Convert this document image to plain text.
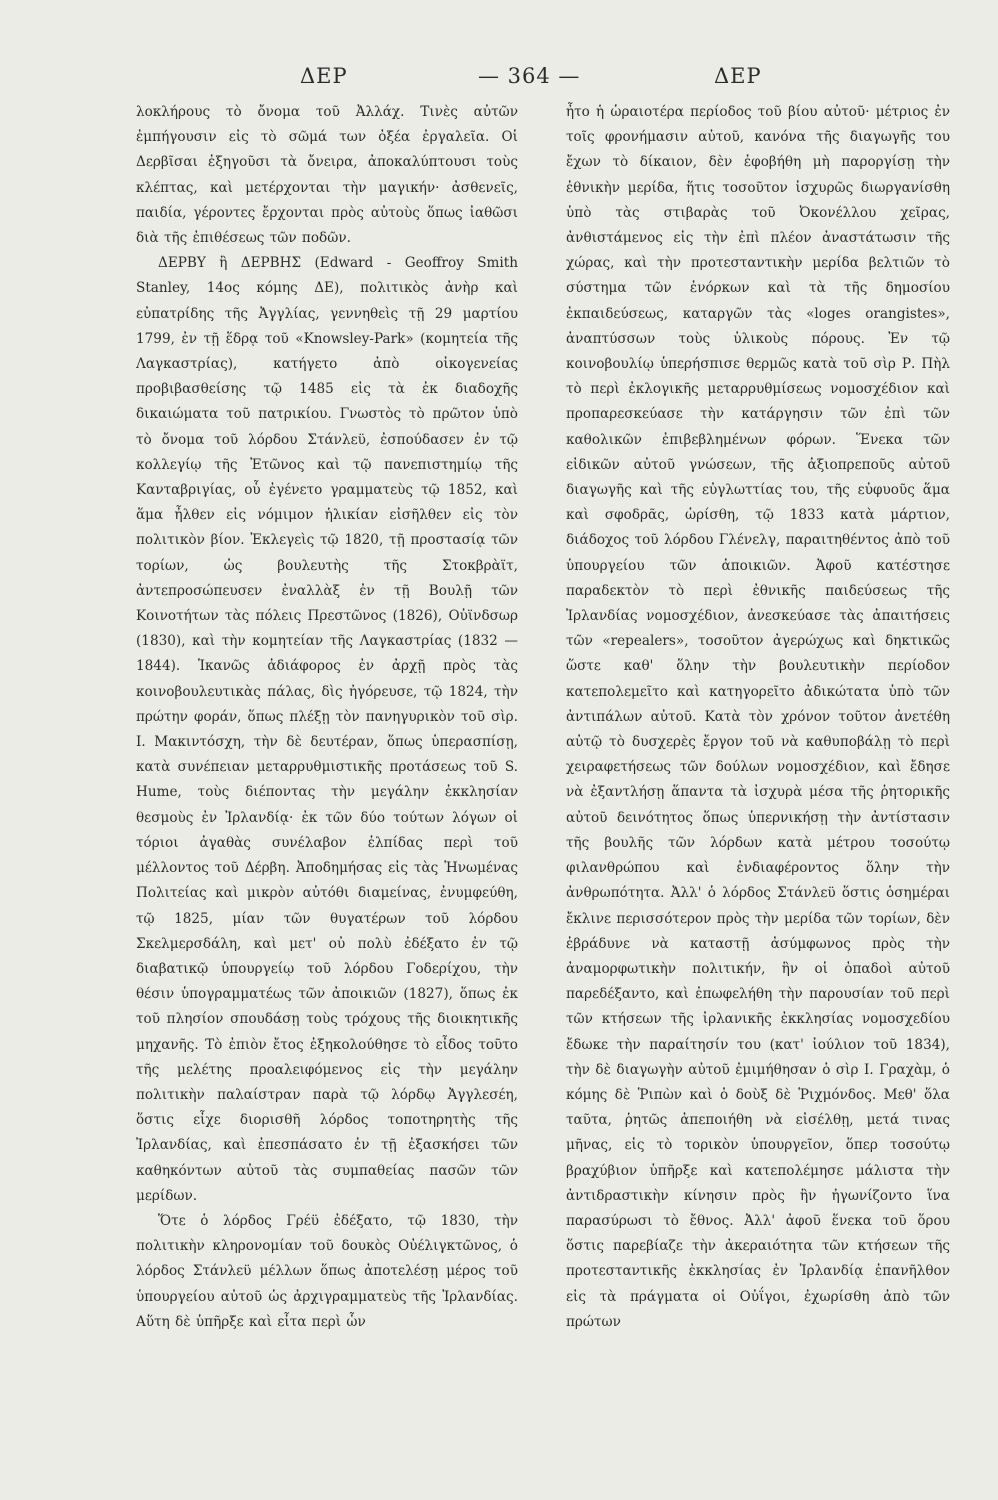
ΔΕΡ	— 364 —	ΔΕΡ

λοκλήρους τὸ ὄνομα τοῦ Ἀλλάχ. Τινὲς αὐτῶν ἐμπήγουσιν εἰς τὸ σῶμά των ὀξέα ἐργαλεῖα. Οἱ Δερβῖσαι ἐξηγοῦσι τὰ ὄνειρα, ἀποκαλύπτουσι τοὺς κλέπτας, καὶ μετέρχονται τὴν μαγικήν· ἀσθενεῖς, παιδία, γέροντες ἔρχονται πρὸς αὐτοὺς ὅπως ἰαθῶσι διὰ τῆς ἐπιθέσεως τῶν ποδῶν.

ΔΕΡΒΥ ἢ ΔΕΡΒΗΣ (Edward - Geoffroy Smith Stanley, 14ος κόμης ΔΕ), πολιτικὸς ἀνὴρ καὶ εὐπατρίδης τῆς Ἀγγλίας, γεννηθεὶς τῇ 29 μαρτίου 1799, ἐν τῇ ἕδρᾳ τοῦ «Knowsley-Park» (κομητεία τῆς Λαγκαστρίας), κατήγετο ἀπὸ οἰκογενείας προβιβασθείσης τῷ 1485 εἰς τὰ ἐκ διαδοχῆς δικαιώματα τοῦ πατρικίου. Γνωστὸς τὸ πρῶτον ὑπὸ τὸ ὄνομα τοῦ λόρδου Στάνλεϋ, ἐσπούδασεν ἐν τῷ κολλεγίῳ τῆς Ἐτῶνος καὶ τῷ πανεπιστημίῳ τῆς Κανταβριγίας, οὗ ἐγένετο γραμματεὺς τῷ 1852, καὶ ἅμα ἦλθεν εἰς νόμιμον ἡλικίαν εἰσῆλθεν εἰς τὸν πολιτικὸν βίον. Ἐκλεγεὶς τῷ 1820, τῇ προστασίᾳ τῶν τορίων, ὡς βουλευτὴς τῆς Στοκβρὰϊτ, ἀντεπροσώπευσεν ἐναλλὰξ ἐν τῇ Βουλῇ τῶν Κοινοτήτων τὰς πόλεις Πρεστῶνος (1826), Οὐϊνδσωρ (1830), καὶ τὴν κομητείαν τῆς Λαγκαστρίας (1832 — 1844). Ἱκανῶς ἀδιάφορος ἐν ἀρχῇ πρὸς τὰς κοινοβουλευτικὰς πάλας, δὶς ἠγόρευσε, τῷ 1824, τὴν πρώτην φοράν, ὅπως πλέξῃ τὸν πανηγυρικὸν τοῦ σὶρ. I. Μακιντόσχη, τὴν δὲ δευτέραν, ὅπως ὑπερασπίσῃ, κατὰ συνέπειαν μεταρρυθμιστικῆς προτάσεως τοῦ S. Hume, τοὺς διέποντας τὴν μεγάλην ἐκκλησίαν θεσμοὺς ἐν Ἰρλανδίᾳ· ἐκ τῶν δύο τούτων λόγων οἱ τόριοι ἀγαθὰς συνέλαβον ἐλπίδας περὶ τοῦ μέλλοντος τοῦ Δέρβη. Ἀποδημήσας εἰς τὰς Ἡνωμένας Πολιτείας καὶ μικρὸν αὐτόθι διαμείνας, ἐνυμφεύθη, τῷ 1825, μίαν τῶν θυγατέρων τοῦ λόρδου Σκελμερσδάλη, καὶ μετ' οὐ πολὺ ἐδέξατο ἐν τῷ διαβατικῷ ὑπουργείῳ τοῦ λόρδου Γοδερίχου, τὴν θέσιν ὑπογραμματέως τῶν ἀποικιῶν (1827), ὅπως ἐκ τοῦ πλησίον σπουδάσῃ τοὺς τρόχους τῆς διοικητικῆς μηχανῆς. Τὸ ἐπιὸν ἔτος ἐξηκολούθησε τὸ εἶδος τοῦτο τῆς μελέτης προαλειφόμενος εἰς τὴν μεγάλην πολιτικὴν παλαίστραν παρὰ τῷ λόρδῳ Ἀγγλεσέη, ὅστις εἶχε διορισθῆ λόρδος τοποτηρητὴς τῆς Ἰρλανδίας, καὶ ἐπεσπάσατο ἐν τῇ ἐξασκήσει τῶν καθηκόντων αὐτοῦ τὰς συμπαθείας πασῶν τῶν μερίδων.

Ὅτε ὁ λόρδος Γρέϋ ἐδέξατο, τῷ 1830, τὴν πολιτικὴν κληρονομίαν τοῦ δουκὸς Οὐέλιγκτῶνος, ὁ λόρδος Στάνλεϋ μέλλων ὅπως ἀποτελέσῃ μέρος τοῦ ὑπουργείου αὐτοῦ ὡς ἀρχιγραμματεὺς τῆς Ἰρλανδίας. Αὕτη δὲ ὑπῆρξε καὶ εἶτα περὶ ὧν

ἦτο ἡ ὡραιοτέρα περίοδος τοῦ βίου αὐτοῦ· μέτριος ἐν τοῖς φρονήμασιν αὐτοῦ, κανόνα τῆς διαγωγῆς του ἔχων τὸ δίκαιον, δὲν ἐφοβήθη μὴ παροργίσῃ τὴν ἐθνικὴν μερίδα, ἥτις τοσοῦτον ἰσχυρῶς διωργανίσθη ὑπὸ τὰς στιβαρὰς τοῦ Ὀκονέλλου χεῖρας, ἀνθιστάμενος εἰς τὴν ἐπὶ πλέον ἀναστάτωσιν τῆς χώρας, καὶ τὴν προτεσταντικὴν μερίδα βελτιῶν τὸ σύστημα τῶν ἐνόρκων καὶ τὰ τῆς δημοσίου ἐκπαιδεύσεως, καταργῶν τὰς «loges orangistes», ἀναπτύσσων τοὺς ὑλικοὺς πόρους. Ἐν τῷ κοινοβουλίῳ ὑπερήσπισε θερμῶς κατὰ τοῦ σὶρ Ρ. Πὴλ τὸ περὶ ἐκλογικῆς μεταρρυθμίσεως νομοσχέδιον καὶ προπαρεσκεύασε τὴν κατάργησιν τῶν ἐπὶ τῶν καθολικῶν ἐπιβεβλημένων φόρων. Ἕνεκα τῶν εἰδικῶν αὐτοῦ γνώσεων, τῆς ἀξιοπρεποῦς αὐτοῦ διαγωγῆς καὶ τῆς εὐγλωττίας του, τῆς εὐφυοῦς ἅμα καὶ σφοδρᾶς, ὡρίσθη, τῷ 1833 κατὰ μάρτιον, διάδοχος τοῦ λόρδου Γλένελγ, παραιτηθέντος ἀπὸ τοῦ ὑπουργείου τῶν ἀποικιῶν. Ἀφοῦ κατέστησε παραδεκτὸν τὸ περὶ ἐθνικῆς παιδεύσεως τῆς Ἰρλανδίας νομοσχέδιον, ἀνεσκεύασε τὰς ἀπαιτήσεις τῶν «repealers», τοσοῦτον ἀγερώχως καὶ δηκτικῶς ὥστε καθ' ὅλην τὴν βουλευτικὴν περίοδον κατεπολεμεῖτο καὶ κατηγορεῖτο ἀδικώτατα ὑπὸ τῶν ἀντιπάλων αὐτοῦ. Κατὰ τὸν χρόνον τοῦτον ἀνετέθη αὐτῷ τὸ δυσχερὲς ἔργον τοῦ νὰ καθυποβάλῃ τὸ περὶ χειραφετήσεως τῶν δούλων νομοσχέδιον, καὶ ἔδησε νὰ ἐξαντλήσῃ ἅπαντα τὰ ἰσχυρὰ μέσα τῆς ῥητορικῆς αὐτοῦ δεινότητος ὅπως ὑπερνικήσῃ τὴν ἀντίστασιν τῆς βουλῆς τῶν λόρδων κατὰ μέτρου τοσούτῳ φιλανθρώπου καὶ ἐνδιαφέροντος ὅλην τὴν ἀνθρωπότητα. Ἀλλ' ὁ λόρδος Στάνλεϋ ὅστις ὁσημέραι ἔκλινε περισσότερον πρὸς τὴν μερίδα τῶν τορίων, δὲν ἐβράδυνε νὰ καταστῇ ἀσύμφωνος πρὸς τὴν ἀναμορφωτικὴν πολιτικήν, ἣν οἱ ὀπαδοὶ αὐτοῦ παρεδέξαντο, καὶ ἐπωφελήθη τὴν παρουσίαν τοῦ περὶ τῶν κτήσεων τῆς ἰρλανικῆς ἐκκλησίας νομοσχεδίου ἔδωκε τὴν παραίτησίν του (κατ' ἰούλιον τοῦ 1834), τὴν δὲ διαγωγὴν αὐτοῦ ἐμιμήθησαν ὁ σὶρ I. Γραχὰμ, ὁ κόμης δὲ Ῥιπὼν καὶ ὁ δοὺξ δὲ Ῥιχμόνδος. Μεθ' ὅλα ταῦτα, ῥητῶς ἀπεποιήθη νὰ εἰσέλθῃ, μετά τινας μῆνας, εἰς τὸ τορικὸν ὑπουργεῖον, ὅπερ τοσούτῳ βραχύβιον ὑπῆρξε καὶ κατεπολέμησε μάλιστα τὴν ἀντιδραστικὴν κίνησιν πρὸς ἣν ἠγωνίζοντο ἵνα παρασύρωσι τὸ ἔθνος. Ἀλλ' ἀφοῦ ἕνεκα τοῦ ὅρου ὅστις παρεβίαζε τὴν ἀκεραιότητα τῶν κτήσεων τῆς προτεσταντικῆς ἐκκλησίας ἐν Ἰρλανδίᾳ ἐπανῆλθον εἰς τὰ πράγματα οἱ Οὐΐγοι, ἐχωρίσθη ἀπὸ τῶν πρώτων
